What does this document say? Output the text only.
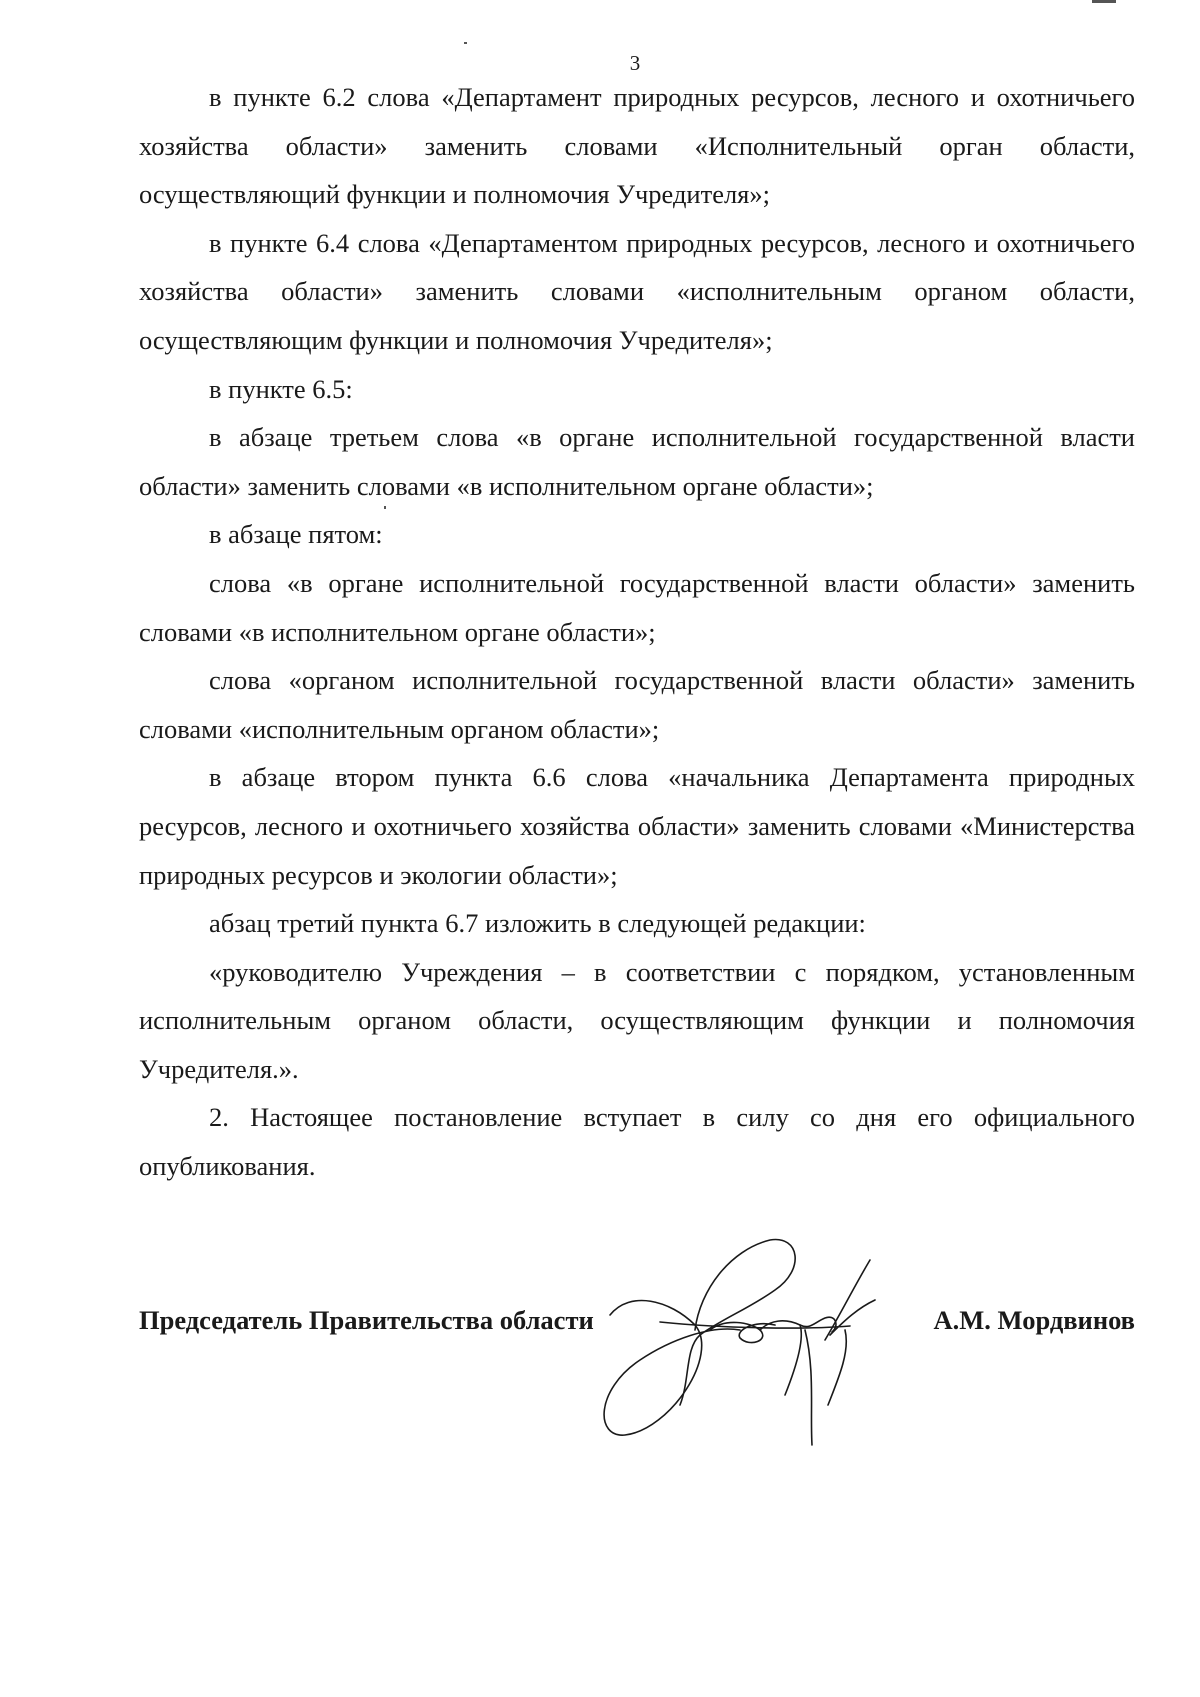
3

в пункте 6.2 слова «Департамент природных ресурсов, лесного и охотничьего хозяйства области» заменить словами «Исполнительный орган области, осуществляющий функции и полномочия Учредителя»;

в пункте 6.4 слова «Департаментом природных ресурсов, лесного и охотничьего хозяйства области» заменить словами «исполнительным органом области, осуществляющим функции и полномочия Учредителя»;

в пункте 6.5:

в абзаце третьем слова «в органе исполнительной государственной власти области» заменить словами «в исполнительном органе области»;

в абзаце пятом:

слова «в органе исполнительной государственной власти области» заменить словами «в исполнительном органе области»;

слова «органом исполнительной государственной власти области» заменить словами «исполнительным органом области»;

в абзаце втором пункта 6.6 слова «начальника Департамента природных ресурсов, лесного и охотничьего хозяйства области» заменить словами «Министерства природных ресурсов и экологии области»;

абзац третий пункта 6.7 изложить в следующей редакции:

«руководителю Учреждения – в соответствии с порядком, установленным исполнительным органом области, осуществляющим функции и полномочия Учредителя.».

2. Настоящее постановление вступает в силу со дня его официального опубликования.

Председатель Правительства области	А.М. Мордвинов
